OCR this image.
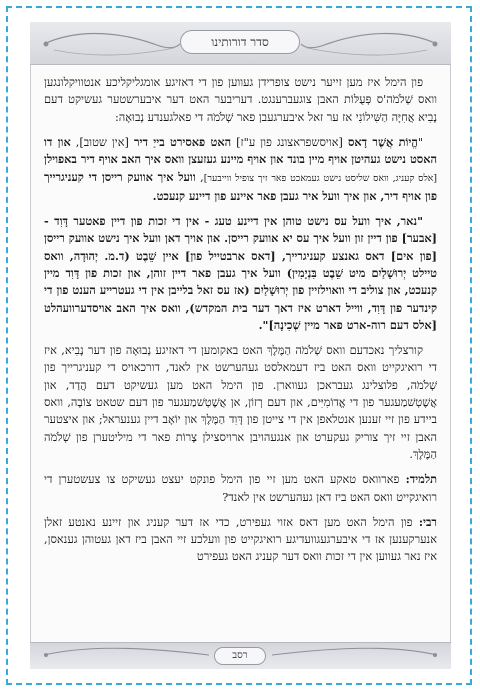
סדר דורותינו

פון הימל איז מען זייער נישט צופרידן געווען פון די דאזיגע אומגליקליכע אנטוויקלונגען וואס שְׁלֹמֹה'ס פְּעֻלּוֹת האבן צוגעברענגט. דעריבער האט דער איבערשטער געשיקט דעם נָבִיא אֲחִיָּה הַשִּׁילוֹנִי אז ער זאל איבערגעבן פאר שְׁלֹמֹה די פאלגענדע נְבוּאָה:

"הֱיוֹת אֲשֶׁר דָאס [אויסשפראצונג פון ע"ז] האט פאסירט בייַ דיר [אין שטוב], און דו האסט נישט געהיטן אויף מיין בונד און אויף מיינע געזעצן וואס איך האב אויף דיר באפוילן [אלס קעניג, וואס שליסט נישט געמאכט פאר זיך צופיל ווייבער], וועל איך אוועק רייסן די קעניגרייך פון אויף דיר, און איך וועל איר געבן פאר איינע פון דיינע קנעכט.

"נאר, איך וועל עס נישט טוהן אין דיינע טעג - אין די זכות פון דיין פאטער דָּוִד - [אבער] פון דיין זון וועל איך עס יא אוועק רייסן. און אויך דאן וועל איך נישט אוועק רייסן [פון אים] דאס גאנצע קעניגרייך, [דאס ארבטייל פון] איין שֵׁבֶט (ד.מ. יְהוּדָה, וואס טיילט יְרוּשָׁלַיִם מיט שֵׁבֶט בִּנְיָמִין) וועל איך געבן פאר דיין זוהן, און זכות פון דָּוִד מיין קנעכט, און צוליב די וואוילזיין פון יְרוּשָׁלַיִם (אז עס זאל בלייבן אין די געטרייע הענט פון די קינדער פון דָּוִד, ווייל דארט איז דאך דער בית המקדש), וואס איך האב אויסדערוועהלט [אלס דעם רוה-ארט פאר מיין שְׁכִינָה]".

קורצליך נאכדעם וואס שְׁלֹמֹה הַמֶּלֶךְ האט באקומען די דאזיגע נְבוּאָה פון דער נָבִיא, איז די רואיגקייט וואס האט ביז דעמאלסט געהערשט אין לאנד, דורכאויס די קעניגרייך פון שְׁלֹמֹה, פלוצלינג געבראכן געווארן. פון הימל האט מען געשיקט דעם הֲדַד, און אֲשֶׁטְשׁמַעגער פון די אֱדוֹמִיִּים, און דעם רְזוֹן, אן אֲשֶׁטְשׁמַעגער פון דעם שטאט צוֹבָה, וואס ביידע פון זיי זענען אנטלאפן אין די צייטן פון דָּוִד הַמֶּלֶךְ און יוֹאָב דיין גענעראל; און איצטער האבן זיי זיך צוריק געקערט און אנגעהויבן ארויסצילן צָרוֹת פאר די מיליטערן פון שְׁלֹמֹה הַמֶּלֶךְ.

תלמיד: פארוואס טאקע האט מען זיי פון הימל פונקט יעצט געשיקט צו צעשטערן די רואיגקייט וואס האט ביז דאן געהערשט אין לאנד?

רבי: פון הימל האט מען דאס אזוי געפירט, כדי אז דער קעניג און זיינע נאנטע זאלן אנערקענען אז די איבערגעגוועדיגע רואיגקייט פון וועלכע זיי האבן ביז דאן געטוהן גענאסן, איז נאר געווען אין די זכות וואס דער קעניג האט געפירט

רסב
